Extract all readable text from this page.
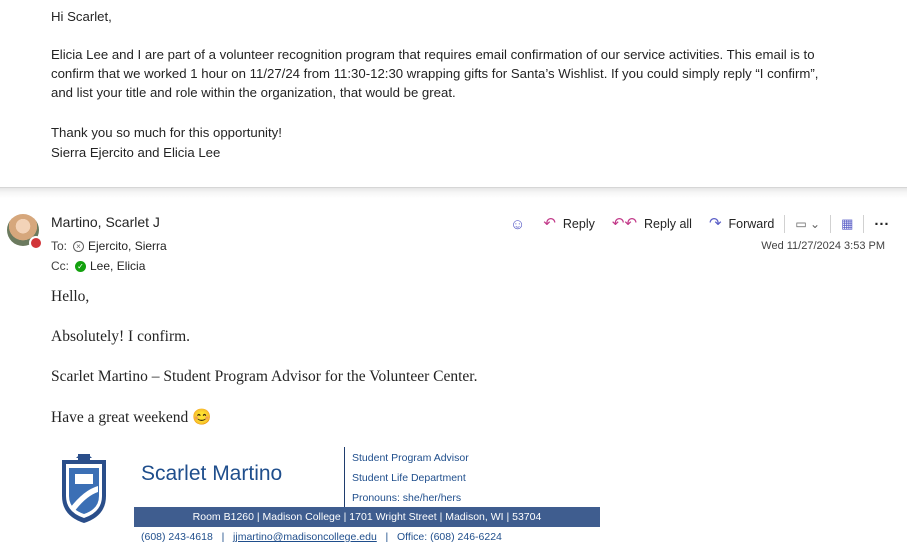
Hi Scarlet,

Elicia Lee and I are part of a volunteer recognition program that requires email confirmation of our service activities. This email is to

confirm that we worked 1 hour on 11/27/24 from 11:30-12:30 wrapping gifts for Santa’s Wishlist. If you could simply reply “I confirm”,

and list your title and role within the organization, that would be great.

Thank you so much for this opportunity!

Sierra Ejercito and Elicia Lee

Martino, Scarlet J
To:	× Ejercito, Sierra
Cc: ✓ Lee, Elicia
☺ ↶ Reply ↶↶ Reply all ↷ Forward ▭ ⌄ ▦ ···
Wed 11/27/2024 3:53 PM
Hello,
Absolutely! I confirm.
Scarlet Martino – Student Program Advisor for the Volunteer Center.
Have a great weekend 😊
Scarlet Martino
Student Program Advisor
Student Life Department
Pronouns: she/her/hers
Room B1260 | Madison College | 1701 Wright Street | Madison, WI | 53704
(608) 243-4618   |   jjmartino@madisoncollege.edu   |   Office: (608) 246-6224
